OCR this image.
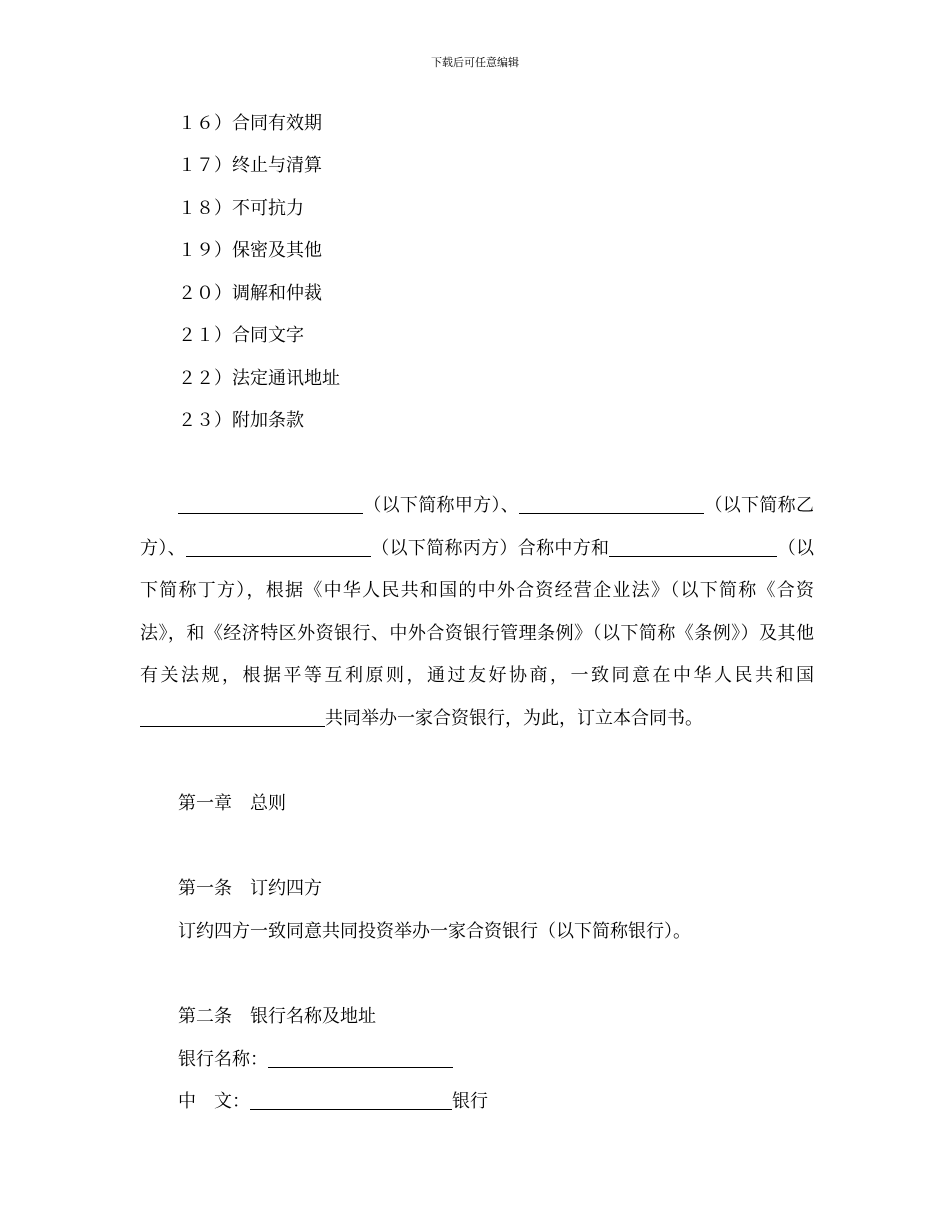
下载后可任意编辑
１６）合同有效期
１７）终止与清算
１８）不可抗力
１９）保密及其他
２０）调解和仲裁
２１）合同文字
２２）法定通讯地址
２３）附加条款

（以下简称甲方）、	（以下简称乙方）、	（以下简称丙方）合称中方和	（以下简称丁方），根据《中华人民共和国的中外合资经营企业法》（以下简称《合资法》，和《经济特区外资银行、中外合资银行管理条例》（以下简称《条例》）及其他有关法规，根据平等互利原则，通过友好协商，一致同意在中华人民共和国共同举办一家合资银行，为此，订立本合同书。

第一章　总则
第一条　订约四方
订约四方一致同意共同投资举办一家合资银行（以下简称银行）。
第二条　银行名称及地址
银行名称：
中　文：	银行
